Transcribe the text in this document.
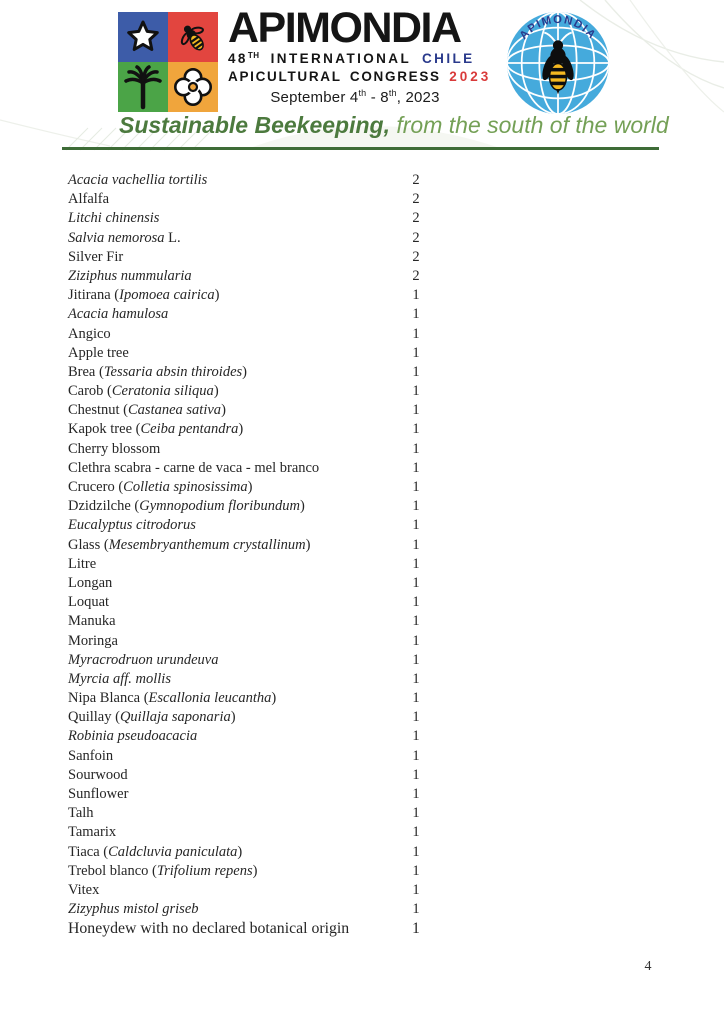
APIMONDIA
48TH INTERNATIONAL CHILE
APICULTURAL CONGRESS 2023
September 4th - 8th, 2023
APIMONDIA
Sustainable Beekeeping, from the south of the world
Acacia vachellia tortilis	2
Alfalfa	2
Litchi chinensis	2
Salvia nemorosa L.	2
Silver Fir	2
Ziziphus nummularia	2
Jitirana (Ipomoea cairica)	1
Acacia hamulosa	1
Angico	1
Apple tree	1
Brea (Tessaria absin thiroides)	1
Carob (Ceratonia siliqua)	1
Chestnut (Castanea sativa)	1
Kapok tree (Ceiba pentandra)	1
Cherry blossom	1
Clethra scabra - carne de vaca - mel branco	1
Crucero (Colletia spinosissima)	1
Dzidzilche (Gymnopodium floribundum)	1
Eucalyptus citrodorus	1
Glass (Mesembryanthemum crystallinum)	1
Litre	1
Longan	1
Loquat	1
Manuka	1
Moringa	1
Myracrodruon urundeuva	1
Myrcia aff. mollis	1
Nipa Blanca (Escallonia leucantha)	1
Quillay (Quillaja saponaria)	1
Robinia pseudoacacia	1
Sanfoin	1
Sourwood	1
Sunflower	1
Talh	1
Tamarix	1
Tiaca (Caldcluvia paniculata)	1
Trebol blanco (Trifolium repens)	1
Vitex	1
Zizyphus mistol griseb	1
Honeydew with no declared botanical origin	1
4
